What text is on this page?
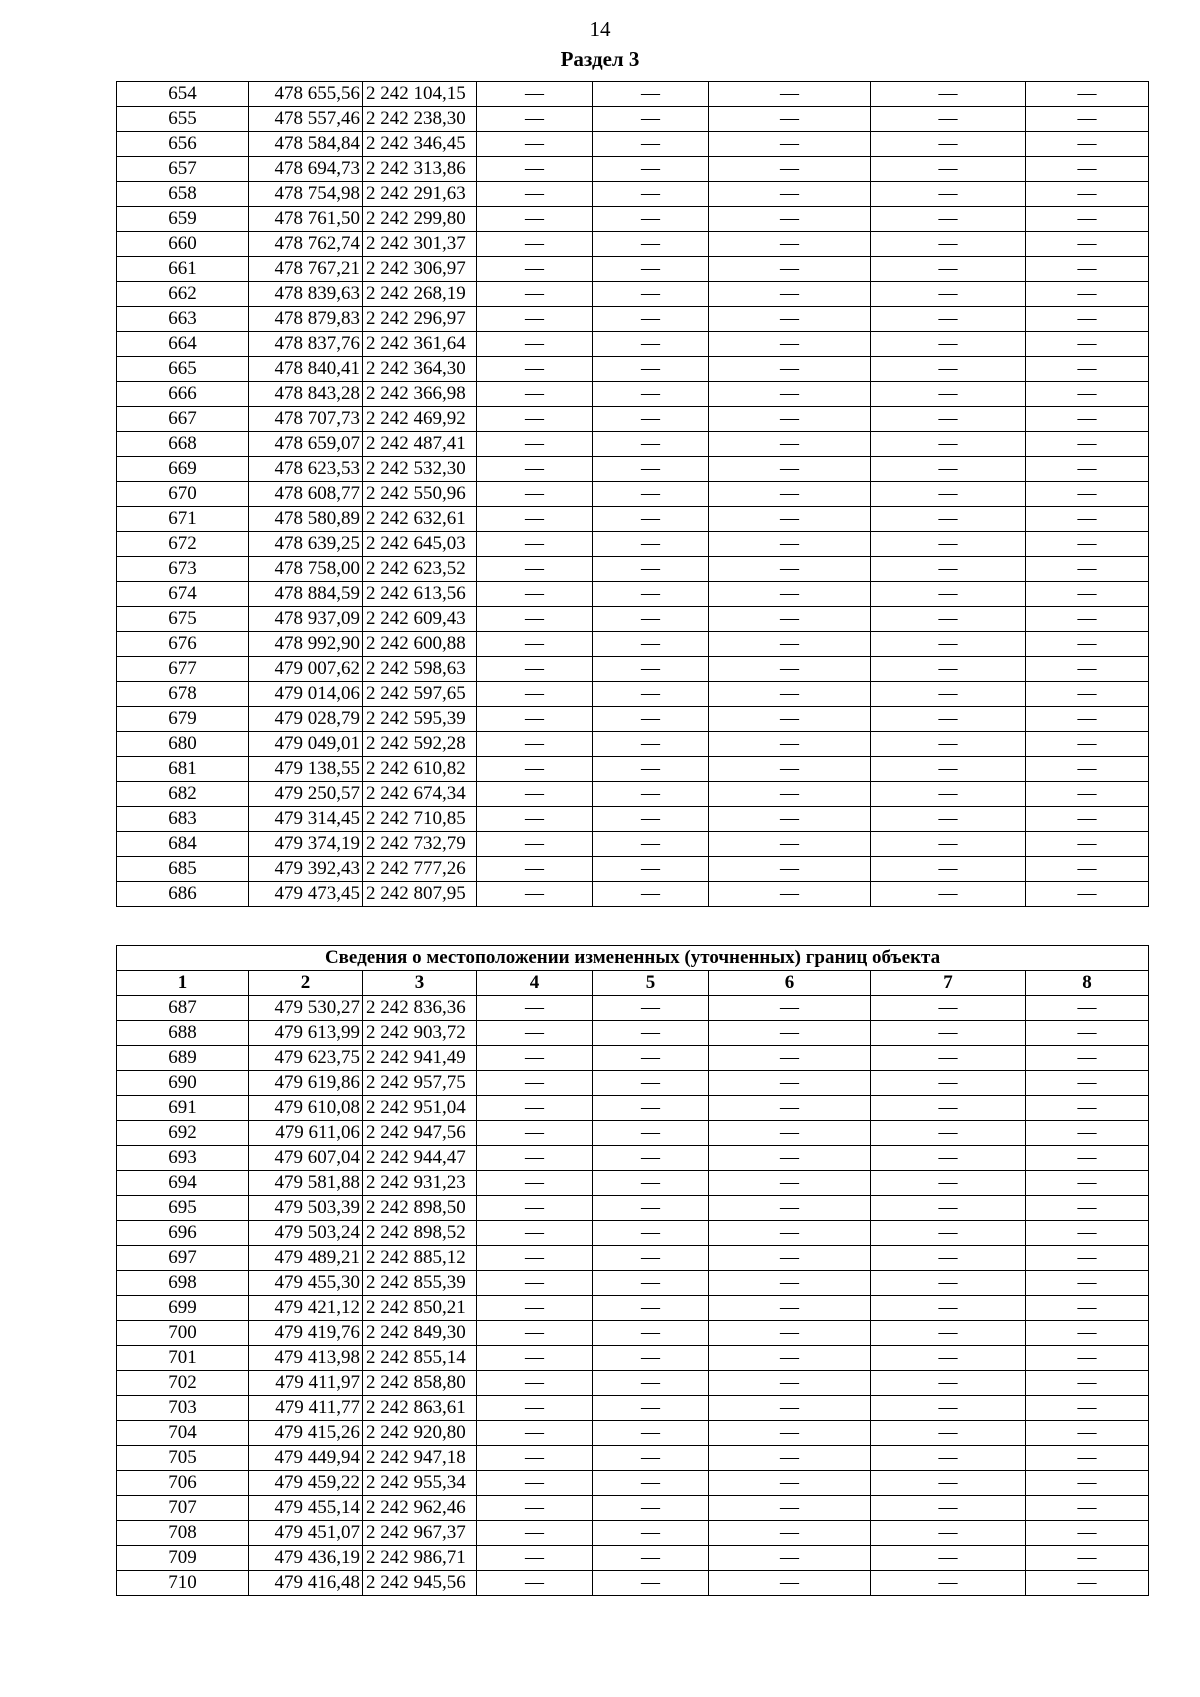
14
Раздел 3
654	478 655,56	2 242 104,15	—	—	—	—	—
655	478 557,46	2 242 238,30	—	—	—	—	—
656	478 584,84	2 242 346,45	—	—	—	—	—
657	478 694,73	2 242 313,86	—	—	—	—	—
658	478 754,98	2 242 291,63	—	—	—	—	—
659	478 761,50	2 242 299,80	—	—	—	—	—
660	478 762,74	2 242 301,37	—	—	—	—	—
661	478 767,21	2 242 306,97	—	—	—	—	—
662	478 839,63	2 242 268,19	—	—	—	—	—
663	478 879,83	2 242 296,97	—	—	—	—	—
664	478 837,76	2 242 361,64	—	—	—	—	—
665	478 840,41	2 242 364,30	—	—	—	—	—
666	478 843,28	2 242 366,98	—	—	—	—	—
667	478 707,73	2 242 469,92	—	—	—	—	—
668	478 659,07	2 242 487,41	—	—	—	—	—
669	478 623,53	2 242 532,30	—	—	—	—	—
670	478 608,77	2 242 550,96	—	—	—	—	—
671	478 580,89	2 242 632,61	—	—	—	—	—
672	478 639,25	2 242 645,03	—	—	—	—	—
673	478 758,00	2 242 623,52	—	—	—	—	—
674	478 884,59	2 242 613,56	—	—	—	—	—
675	478 937,09	2 242 609,43	—	—	—	—	—
676	478 992,90	2 242 600,88	—	—	—	—	—
677	479 007,62	2 242 598,63	—	—	—	—	—
678	479 014,06	2 242 597,65	—	—	—	—	—
679	479 028,79	2 242 595,39	—	—	—	—	—
680	479 049,01	2 242 592,28	—	—	—	—	—
681	479 138,55	2 242 610,82	—	—	—	—	—
682	479 250,57	2 242 674,34	—	—	—	—	—
683	479 314,45	2 242 710,85	—	—	—	—	—
684	479 374,19	2 242 732,79	—	—	—	—	—
685	479 392,43	2 242 777,26	—	—	—	—	—
686	479 473,45	2 242 807,95	—	—	—	—	—
Сведения о местоположении измененных (уточненных) границ объекта							
1	2	3	4	5	6	7	8
687	479 530,27	2 242 836,36	—	—	—	—	—
688	479 613,99	2 242 903,72	—	—	—	—	—
689	479 623,75	2 242 941,49	—	—	—	—	—
690	479 619,86	2 242 957,75	—	—	—	—	—
691	479 610,08	2 242 951,04	—	—	—	—	—
692	479 611,06	2 242 947,56	—	—	—	—	—
693	479 607,04	2 242 944,47	—	—	—	—	—
694	479 581,88	2 242 931,23	—	—	—	—	—
695	479 503,39	2 242 898,50	—	—	—	—	—
696	479 503,24	2 242 898,52	—	—	—	—	—
697	479 489,21	2 242 885,12	—	—	—	—	—
698	479 455,30	2 242 855,39	—	—	—	—	—
699	479 421,12	2 242 850,21	—	—	—	—	—
700	479 419,76	2 242 849,30	—	—	—	—	—
701	479 413,98	2 242 855,14	—	—	—	—	—
702	479 411,97	2 242 858,80	—	—	—	—	—
703	479 411,77	2 242 863,61	—	—	—	—	—
704	479 415,26	2 242 920,80	—	—	—	—	—
705	479 449,94	2 242 947,18	—	—	—	—	—
706	479 459,22	2 242 955,34	—	—	—	—	—
707	479 455,14	2 242 962,46	—	—	—	—	—
708	479 451,07	2 242 967,37	—	—	—	—	—
709	479 436,19	2 242 986,71	—	—	—	—	—
710	479 416,48	2 242 945,56	—	—	—	—	—
